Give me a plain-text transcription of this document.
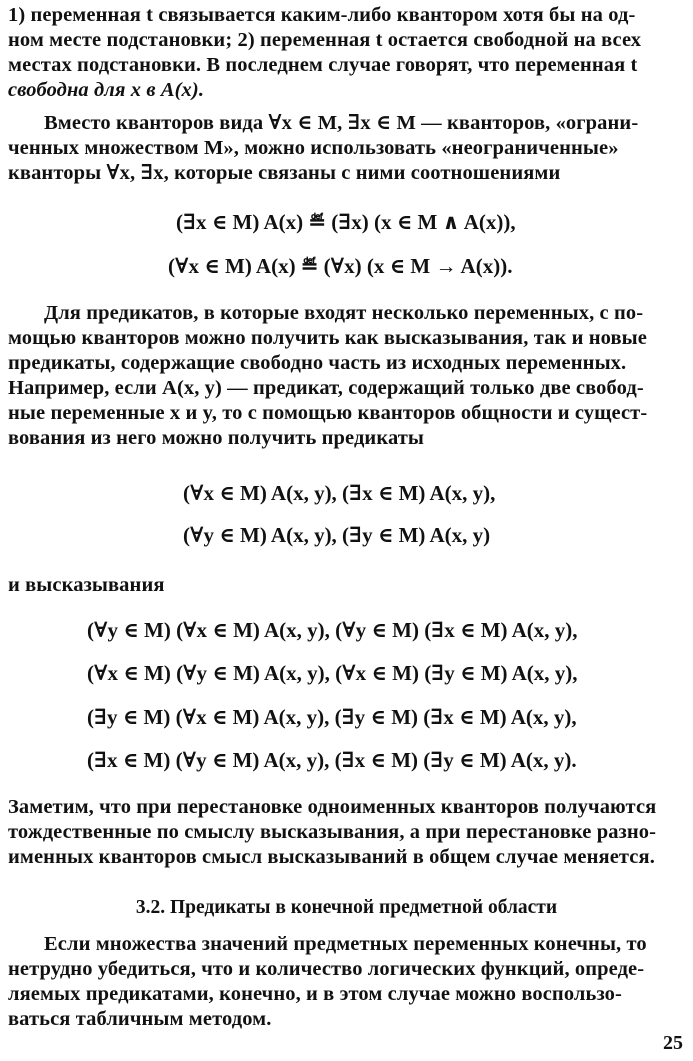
1) переменная t связывается каким-либо квантором хотя бы на од-
ном месте подстановки; 2) переменная t остается свободной на всех
местах подстановки. В последнем случае говорят, что переменная t
свободна для x в A(x).
Вместо кванторов вида ∀x ∈ M, ∃x ∈ M — кванторов, «ограни-
ченных множеством M», можно использовать «неограниченные»
кванторы ∀x, ∃x, которые связаны с ними соотношениями
(∃x ∈ M) A(x) ≝ (∃x) (x ∈ M ∧ A(x)),
(∀x ∈ M) A(x) ≝ (∀x) (x ∈ M → A(x)).
Для предикатов, в которые входят несколько переменных, с по-
мощью кванторов можно получить как высказывания, так и новые
предикаты, содержащие свободно часть из исходных переменных.
Например, если A(x, y) — предикат, содержащий только две свобод-
ные переменные x и y, то с помощью кванторов общности и сущест-
вования из него можно получить предикаты
(∀x ∈ M) A(x, y), (∃x ∈ M) A(x, y),
(∀y ∈ M) A(x, y), (∃y ∈ M) A(x, y)
и высказывания
(∀y ∈ M) (∀x ∈ M) A(x, y), (∀y ∈ M) (∃x ∈ M) A(x, y),
(∀x ∈ M) (∀y ∈ M) A(x, y), (∀x ∈ M) (∃y ∈ M) A(x, y),
(∃y ∈ M) (∀x ∈ M) A(x, y), (∃y ∈ M) (∃x ∈ M) A(x, y),
(∃x ∈ M) (∀y ∈ M) A(x, y), (∃x ∈ M) (∃y ∈ M) A(x, y).
Заметим, что при перестановке одноименных кванторов получаются
тождественные по смыслу высказывания, а при перестановке разно-
именных кванторов смысл высказываний в общем случае меняется.
3.2. Предикаты в конечной предметной области
Если множества значений предметных переменных конечны, то
нетрудно убедиться, что и количество логических функций, опреде-
ляемых предикатами, конечно, и в этом случае можно воспользо-
ваться табличным методом.
25
